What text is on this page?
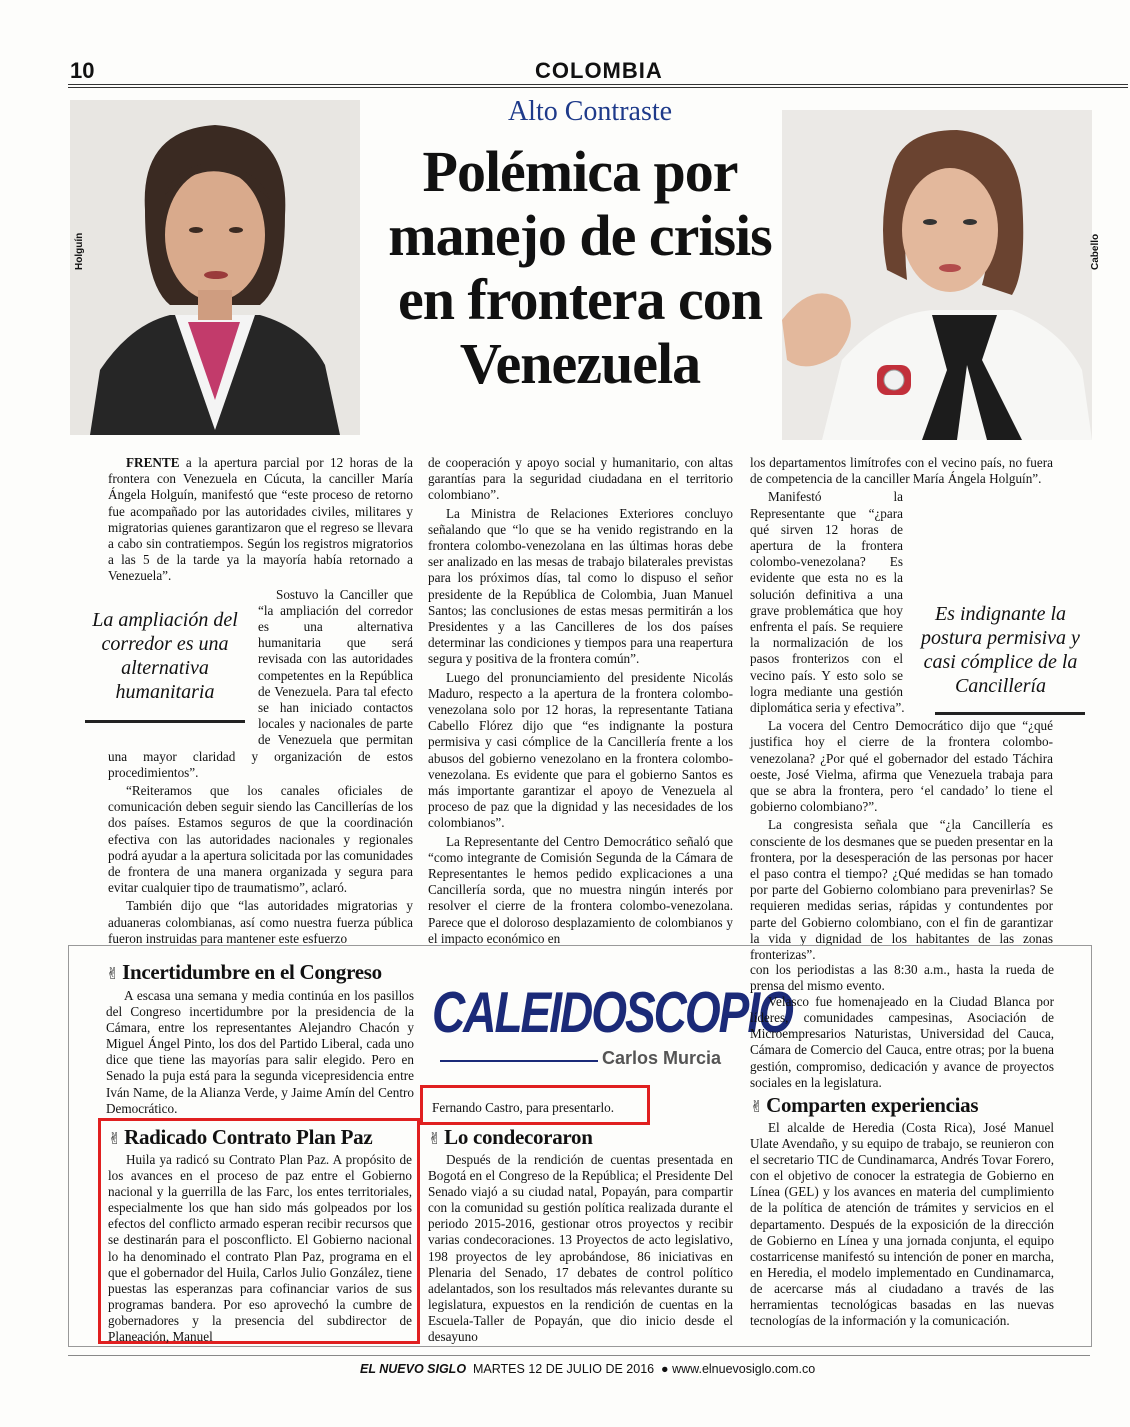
10	COLOMBIA
Holguín	Cabello
Alto Contraste
Polémica por manejo de crisis en frontera con Venezuela

FRENTE a la apertura parcial por 12 horas de la frontera con Venezuela en Cúcuta, la canciller María Ángela Holguín, manifestó que “este proceso de retorno fue acompañado por las autoridades civiles, militares y migratorias quienes garantizaron que el regreso se llevara a cabo sin contratiempos. Según los registros migratorios a las 5 de la tarde ya la mayoría había retornado a Venezuela”.

Sostuvo la Canciller que “la ampliación del corredor es una alternativa humanitaria que será revisada con las autoridades competentes en la República de Venezuela. Para tal efecto se han iniciado contactos locales y nacionales de parte de Venezuela que permitan una mayor claridad y organización de estos procedimientos”.

“Reiteramos que los canales oficiales de comunicación deben seguir siendo las Cancillerías de los dos países. Estamos seguros de que la coordinación efectiva con las autoridades nacionales y regionales podrá ayudar a la apertura solicitada por las comunidades de frontera de una manera organizada y segura para evitar cualquier tipo de traumatismo”, aclaró.

También dijo que “las autoridades migratorias y aduaneras colombianas, así como nuestra fuerza pública fueron instruidas para mantener este esfuerzo

La ampliación del corredor es una alternativa humanitaria

de cooperación y apoyo social y humanitario, con altas garantías para la seguridad ciudadana en el territorio colombiano”.

La Ministra de Relaciones Exteriores concluyo señalando que “lo que se ha venido registrando en la frontera colombo-venezolana en las últimas horas debe ser analizado en las mesas de trabajo bilaterales previstas para los próximos días, tal como lo dispuso el señor presidente de la República de Colombia, Juan Manuel Santos; las conclusiones de estas mesas permitirán a los Presidentes y a las Cancilleres de los dos países determinar las condiciones y tiempos para una reapertura segura y positiva de la frontera común”.

Luego del pronunciamiento del presidente Nicolás Maduro, respecto a la apertura de la frontera colombo-venezolana solo por 12 horas, la representante Tatiana Cabello Flórez dijo que “es indignante la postura permisiva y casi cómplice de la Cancillería frente a los abusos del gobierno venezolano en la frontera colombo-venezolana. Es evidente que para el gobierno Santos es más importante garantizar el apoyo de Venezuela al proceso de paz que la dignidad y las necesidades de los colombianos”.

La Representante del Centro Democrático señaló que “como integrante de Comisión Segunda de la Cámara de Representantes le hemos pedido explicaciones a una Cancillería sorda, que no muestra ningún interés por resolver el cierre de la frontera colombo-venezolana. Parece que el doloroso desplazamiento de colombianos y el impacto económico en

los departamentos limítrofes con el vecino país, no fuera de competencia de la canciller María Ángela Holguín”.

Manifestó la Representante que “¿para qué sirven 12 horas de apertura de la frontera colombo-venezolana? Es evidente que esta no es la solución definitiva a una grave problemática que hoy enfrenta el país. Se requiere la normalización de los pasos fronterizos con el vecino país. Y esto solo se logra mediante una gestión diplomática seria y efectiva”.

La vocera del Centro Democrático dijo que “¿qué justifica hoy el cierre de la frontera colombo-venezolana? ¿Por qué el gobernador del estado Táchira oeste, José Vielma, afirma que Venezuela trabaja para que se abra la frontera, pero ‘el candado’ lo tiene el gobierno colombiano?”.

La congresista señala que “¿la Cancillería es consciente de los desmanes que se pueden presentar en la frontera, por la desesperación de las personas por hacer el paso contra el tiempo? ¿Qué medidas se han tomado por parte del Gobierno colombiano para prevenirlas? Se requieren medidas serias, rápidas y contundentes por parte del Gobierno colombiano, con el fin de garantizar la vida y dignidad de los habitantes de las zonas fronterizas”.

Es indignante la postura permisiva y casi cómplice de la Cancillería
✌ Incertidumbre en el Congreso

A escasa una semana y media continúa en los pasillos del Congreso incertidumbre por la presidencia de la Cámara, entre los representantes Alejandro Chacón y Miguel Ángel Pinto, los dos del Partido Liberal, cada uno dice que tiene las mayorías para salir elegido. Pero en Senado la puja está para la segunda vicepresidencia entre Iván Name, de la Alianza Verde, y Jaime Amín del Centro Democrático.

CALEIDOSCOPIO
Carlos Murcia

Fernando Castro, para presentarlo.

✌ Radicado Contrato Plan Paz

Huila ya radicó su Contrato Plan Paz. A propósito de los avances en el proceso de paz entre el Gobierno nacional y la guerrilla de las Farc, los entes territoriales, especialmente los que han sido más golpeados por los efectos del conflicto armado esperan recibir recursos que se destinarán para el posconflicto. El Gobierno nacional lo ha denominado el contrato Plan Paz, programa en el que el gobernador del Huila, Carlos Julio González, tiene puestas las esperanzas para cofinanciar varios de sus programas bandera. Por eso aprovechó la cumbre de gobernadores y la presencia del subdirector de Planeación, Manuel

✌ Lo condecoraron

Después de la rendición de cuentas presentada en Bogotá en el Congreso de la República; el Presidente Del Senado viajó a su ciudad natal, Popayán, para compartir con la comunidad su gestión política realizada durante el periodo 2015-2016, gestionar otros proyectos y recibir varias condecoraciones. 13 Proyectos de acto legislativo, 198 proyectos de ley aprobándose, 86 iniciativas en Plenaria del Senado, 17 debates de control político adelantados, son los resultados más relevantes durante su legislatura, expuestos en la rendición de cuentas en la Escuela-Taller de Popayán, que dio inicio desde el desayuno

con los periodistas a las 8:30 a.m., hasta la rueda de prensa del mismo evento.

Velasco fue homenajeado en la Ciudad Blanca por líderes, comunidades campesinas, Asociación de Microempresarios Naturistas, Universidad del Cauca, Cámara de Comercio del Cauca, entre otras; por la buena gestión, compromiso, dedicación y avance de proyectos sociales en la legislatura.

✌ Comparten experiencias

El alcalde de Heredia (Costa Rica), José Manuel Ulate Avendaño, y su equipo de trabajo, se reunieron con el secretario TIC de Cundinamarca, Andrés Tovar Forero, con el objetivo de conocer la estrategia de Gobierno en Línea (GEL) y los avances en materia del cumplimiento de la política de atención de trámites y servicios en el departamento. Después de la exposición de la dirección de Gobierno en Línea y una jornada conjunta, el equipo costarricense manifestó su intención de poner en marcha, en Heredia, el modelo implementado en Cundinamarca, de acercarse más al ciudadano a través de las herramientas tecnológicas basadas en las nuevas tecnologías de la información y la comunicación.

EL NUEVO SIGLO MARTES 12 DE JULIO DE 2016 ● www.elnuevosiglo.com.co
